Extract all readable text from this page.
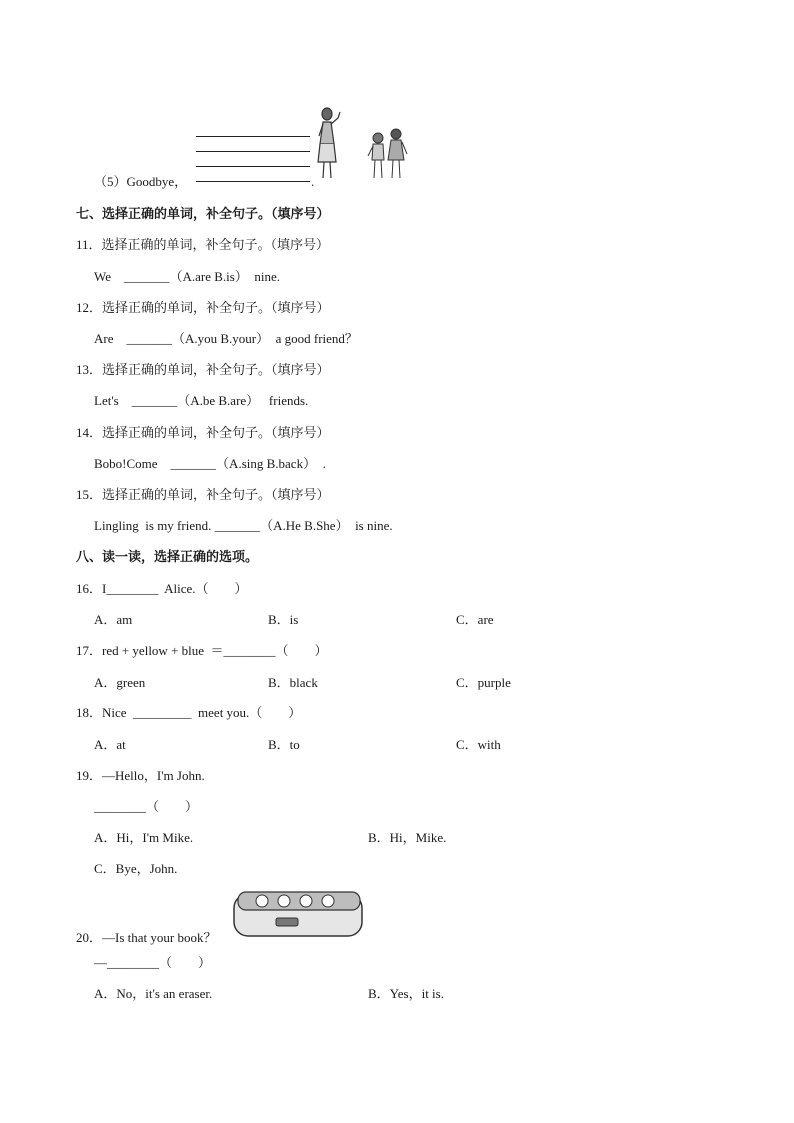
（5）Goodbye，	.
七、选择正确的单词，补全句子。（填序号）
11．选择正确的单词，补全句子。（填序号）
We    _______（A.are B.is）  nine.
12．选择正确的单词，补全句子。（填序号）
Are    _______（A.you B.your）  a good friend？
13．选择正确的单词，补全句子。（填序号）
Let's    _______（A.be B.are）   friends.
14．选择正确的单词，补全句子。（填序号）
Bobo!Come    _______（A.sing B.back）  .
15．选择正确的单词，补全句子。（填序号）
Lingling  is my friend. _______（A.He B.She）  is nine.
八、读一读，选择正确的选项。
16．I________  Alice.（        ）
A．am	B．is	C．are
17．red + yellow + blue  ＝________（        ）
A．green	B．black	C．purple
18．Nice  _________  meet you.（        ）
A．at	B．to	C．with
19．—Hello，I'm John.
________（        ）
A．Hi，I'm Mike.	B．Hi，Mike.
C．Bye，John.
20．—Is that your book？
—________（        ）
A．No，it's an eraser.	B．Yes，it is.
